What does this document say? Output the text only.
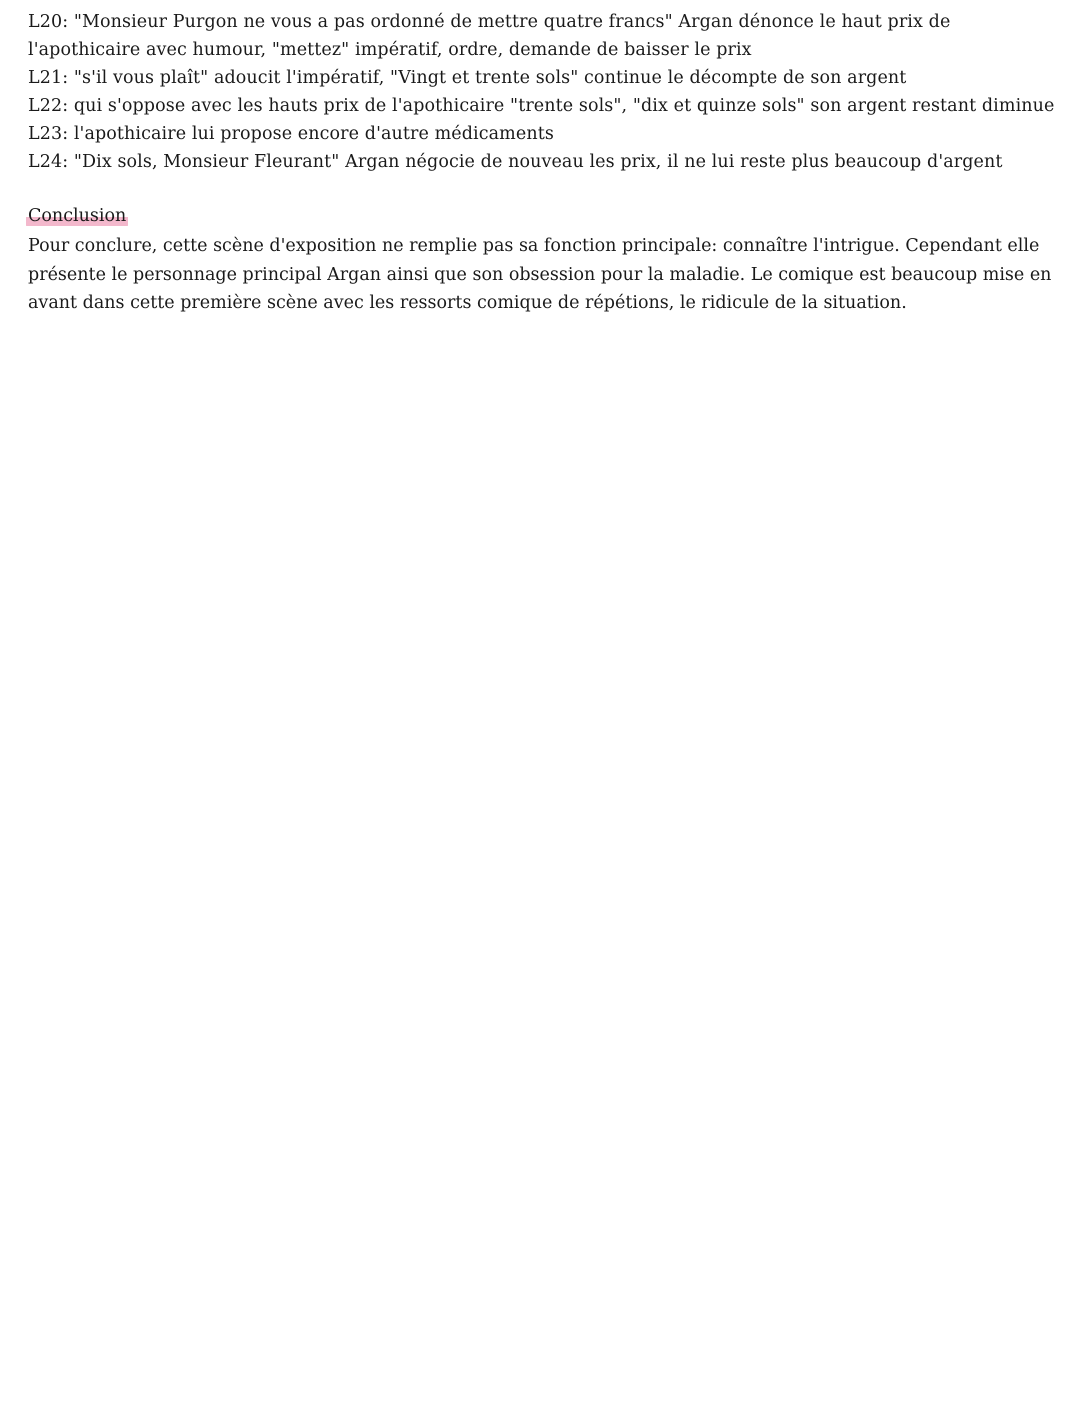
L20: "Monsieur Purgon ne vous a pas ordonné de mettre quatre francs" Argan dénonce le haut prix de l'apothicaire avec humour, "mettez" impératif, ordre, demande de baisser le prix
L21: "s'il vous plaît" adoucit l'impératif, "Vingt et trente sols" continue le décompte de son argent
L22: qui s'oppose avec les hauts prix de l'apothicaire "trente sols", "dix et quinze sols" son argent restant diminue
L23: l'apothicaire lui propose encore d'autre médicaments
L24: "Dix sols, Monsieur Fleurant" Argan négocie de nouveau les prix, il ne lui reste plus beaucoup d'argent
Conclusion
Pour conclure, cette scène d'exposition ne remplie pas sa fonction principale: connaître l'intrigue. Cependant elle présente le personnage principal Argan ainsi que son obsession pour la maladie. Le comique est beaucoup mise en avant dans cette première scène avec les ressorts comique de répétions, le ridicule de la situation.
